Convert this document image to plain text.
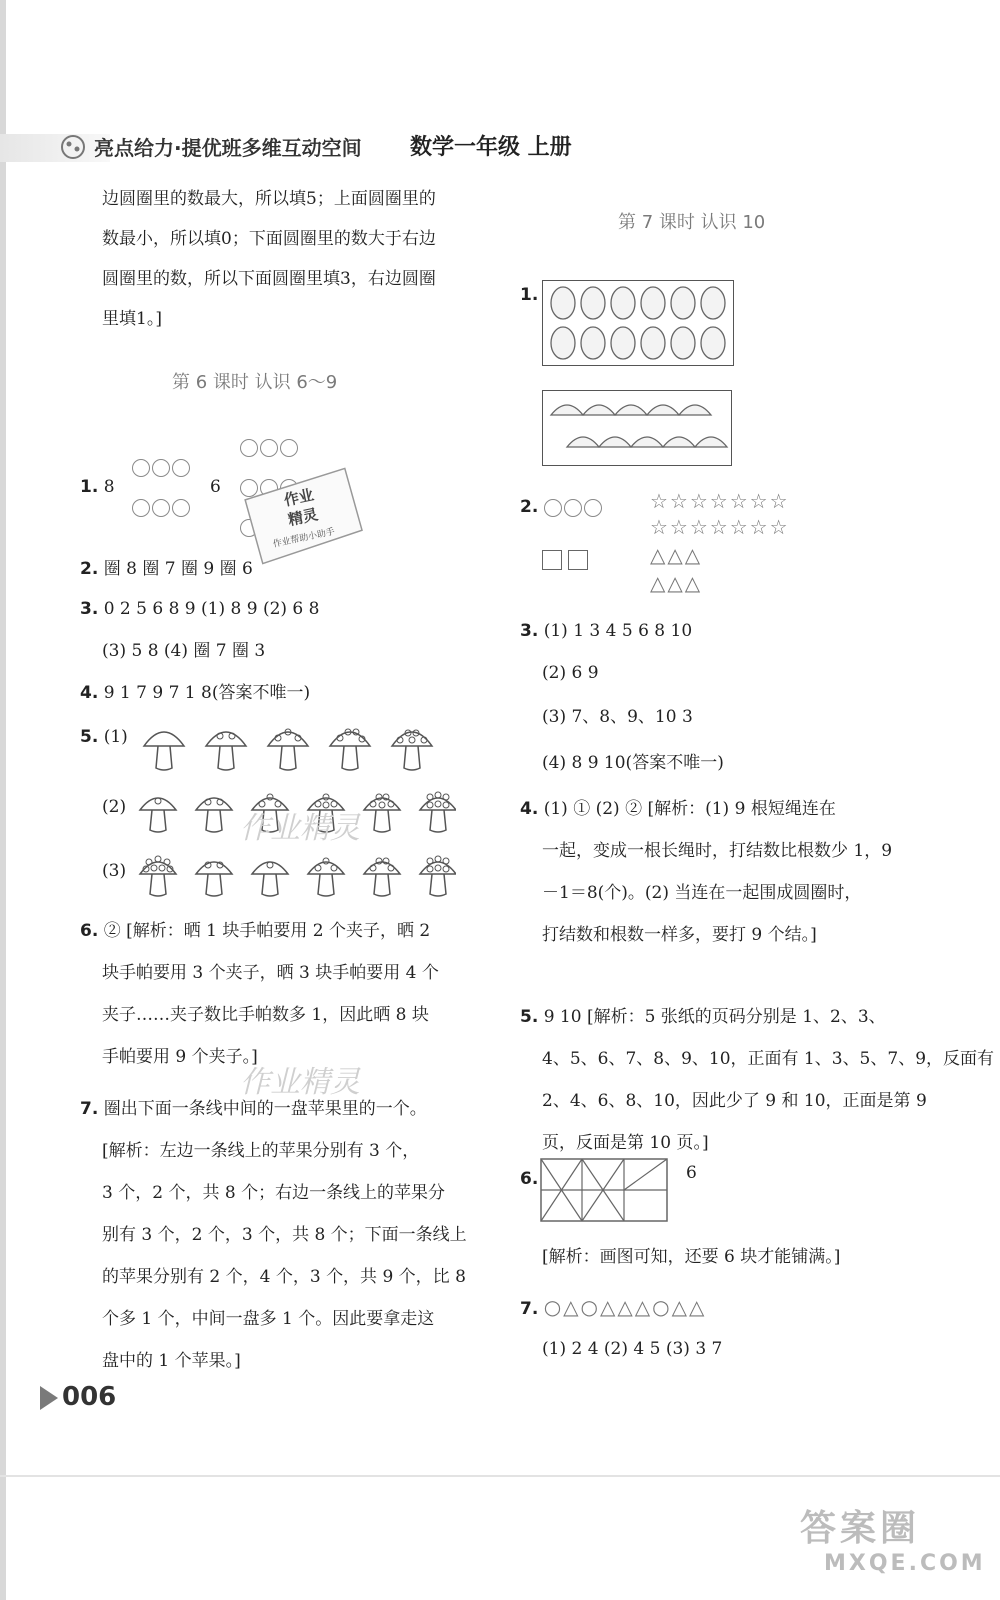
亮点给力·提优班多维互动空间 数学一年级 上册
边圆圈里的数最大，所以填5；上面圆圈里的
数最小，所以填0；下面圆圈里的数大于右边
圆圈里的数，所以下面圆圈里填3，右边圆圈
里填1。]
第 6 课时 认识 6～9
1. 8	6
2. 圈 8 圈 7 圈 9 圈 6
3. 0 2 5 6 8 9 (1) 8 9 (2) 6 8
(3) 5 8 (4) 圈 7 圈 3
4. 9 1 7 9 7 1 8(答案不唯一)
5. (1)
(2)
(3)
作业精灵
6. ② [解析：晒 1 块手帕要用 2 个夹子，晒 2
块手帕要用 3 个夹子，晒 3 块手帕要用 4 个
夹子……夹子数比手帕数多 1，因此晒 8 块
手帕要用 9 个夹子。]
7. 圈出下面一条线中间的一盘苹果里的一个。
作业精灵
[解析：左边一条线上的苹果分别有 3 个，
3 个，2 个，共 8 个；右边一条线上的苹果分
别有 3 个，2 个，3 个，共 8 个；下面一条线上
的苹果分别有 2 个，4 个，3 个，共 9 个，比 8
个多 1 个，中间一盘多 1 个。因此要拿走这
盘中的 1 个苹果。]
作业
精灵
作业帮助小助手
第 7 课时 认识 10
1.
2.	☆☆☆☆☆☆☆
☆☆☆☆☆☆☆
△△△
△△△
3. (1) 1 3 4 5 6 8 10
(2) 6 9
(3) 7、8、9、10 3
(4) 8 9 10(答案不唯一)
4. (1) ① (2) ② [解析：(1) 9 根短绳连在
一起，变成一根长绳时，打结数比根数少 1，9
－1＝8(个)。(2) 当连在一起围成圆圈时，
打结数和根数一样多，要打 9 个结。]
5. 9 10 [解析：5 张纸的页码分别是 1、2、3、
4、5、6、7、8、9、10，正面有 1、3、5、7、9，反面有
2、4、6、8、10，因此少了 9 和 10，正面是第 9
页，反面是第 10 页。]
6.	6
[解析：画图可知，还要 6 块才能铺满。]
7. ○△○△△△○△△
(1) 2 4 (2) 4 5 (3) 3 7
006
答案圈
MXQE.COM
